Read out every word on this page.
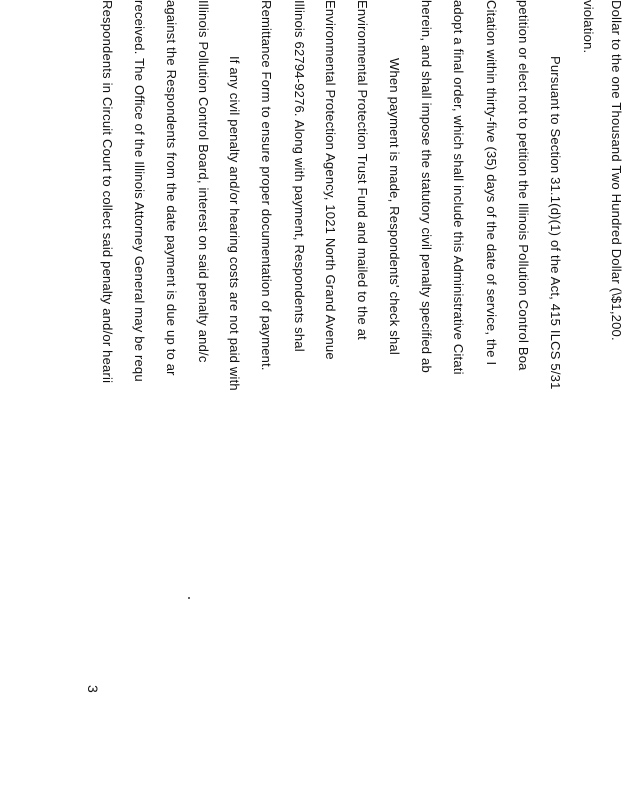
Dollar to the one Thousand Two Hundred Dollar (\$1,200.
violation.
Pursuant to Section 31.1(d)(1) of the Act, 415 ILCS 5/31
petition or elect not to petition the Illinois Pollution Control Boa
Citation within thirty-five (35) days of the date of service, the I
adopt a final order, which shall include this Administrative Citati
herein, and shall impose the statutory civil penalty specified ab
When payment is made, Respondents' check shal
Environmental Protection Trust Fund and mailed to the at
Environmental Protection Agency, 1021 North Grand Avenue
Illinois 62794-9276. Along with payment, Respondents shal
Remittance Form to ensure proper documentation of payment.
If any civil penalty and/or hearing costs are not paid with
Illinois Pollution Control Board, interest on said penalty and/c
against the Respondents from the date payment is due up to ar
received. The Office of the Illinois Attorney General may be requ
Respondents in Circuit Court to collect said penalty and/or hearii
3
